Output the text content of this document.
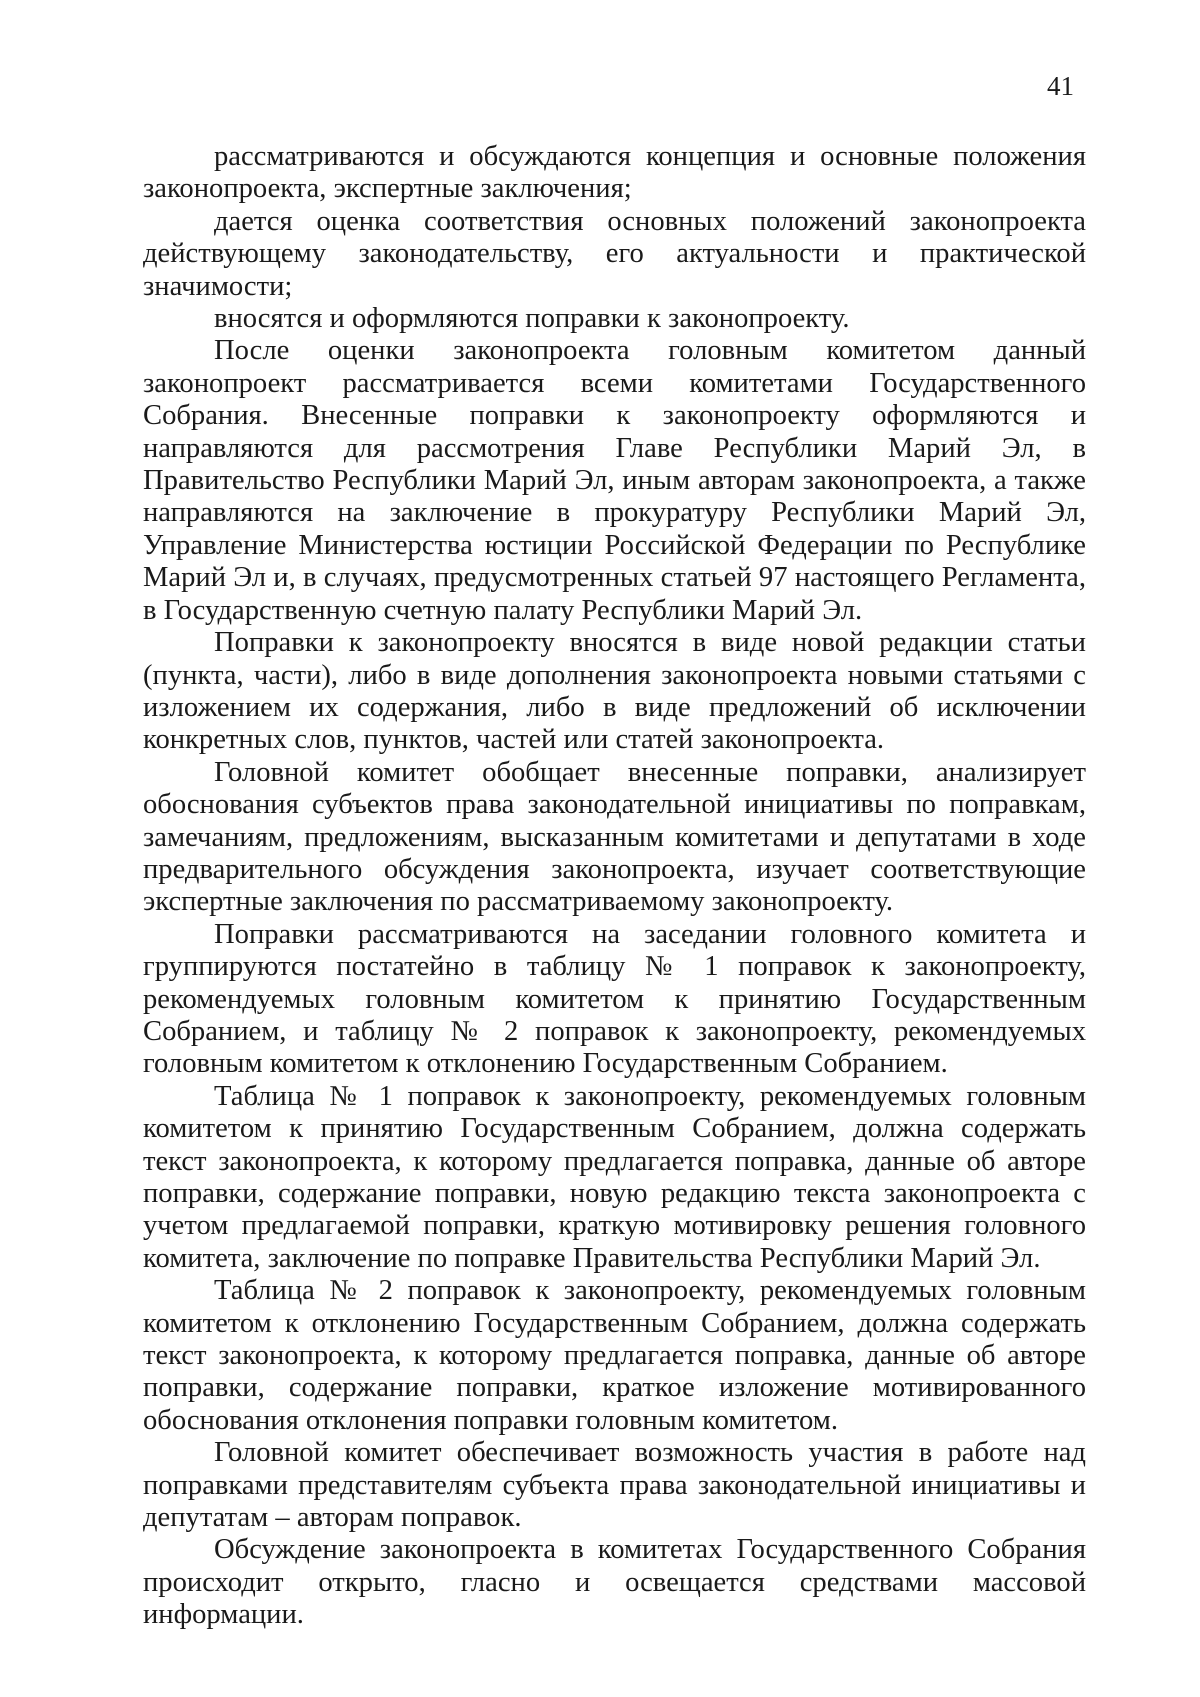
41

рассматриваются и обсуждаются концепция и основные положения законопроекта, экспертные заключения;

дается оценка соответствия основных положений законопроекта действующему законодательству, его актуальности и практической значимости;

вносятся и оформляются поправки к законопроекту.

После оценки законопроекта головным комитетом данный законопроект рассматривается всеми комитетами Государственного Собрания. Внесенные поправки к законопроекту оформляются и направляются для рассмотрения Главе Республики Марий Эл, в Правительство Республики Марий Эл, иным авторам законопроекта, а также направляются на заключение в прокуратуру Республики Марий Эл, Управление Министерства юстиции Российской Федерации по Республике Марий Эл и, в случаях, предусмотренных статьей 97 настоящего Регламента, в Государственную счетную палату Республики Марий Эл.

Поправки к законопроекту вносятся в виде новой редакции статьи (пункта, части), либо в виде дополнения законопроекта новыми статьями с изложением их содержания, либо в виде предложений об исключении конкретных слов, пунктов, частей или статей законопроекта.

Головной комитет обобщает внесенные поправки, анализирует обоснования субъектов права законодательной инициативы по поправкам, замечаниям, предложениям, высказанным комитетами и депутатами в ходе предварительного обсуждения законопроекта, изучает соответствующие экспертные заключения по рассматриваемому законопроекту.

Поправки рассматриваются на заседании головного комитета и группируются постатейно в таблицу № 1 поправок к законопроекту, рекомендуемых головным комитетом к принятию Государственным Собранием, и таблицу № 2 поправок к законопроекту, рекомендуемых головным комитетом к отклонению Государственным Собранием.

Таблица № 1 поправок к законопроекту, рекомендуемых головным комитетом к принятию Государственным Собранием, должна содержать текст законопроекта, к которому предлагается поправка, данные об авторе поправки, содержание поправки, новую редакцию текста законопроекта с учетом предлагаемой поправки, краткую мотивировку решения головного комитета, заключение по поправке Правительства Республики Марий Эл.

Таблица № 2 поправок к законопроекту, рекомендуемых головным комитетом к отклонению Государственным Собранием, должна содержать текст законопроекта, к которому предлагается поправка, данные об авторе поправки, содержание поправки, краткое изложение мотивированного обоснования отклонения поправки головным комитетом.

Головной комитет обеспечивает возможность участия в работе над поправками представителям субъекта права законодательной инициативы и депутатам – авторам поправок.

Обсуждение законопроекта в комитетах Государственного Собрания происходит открыто, гласно и освещается средствами массовой информации.
